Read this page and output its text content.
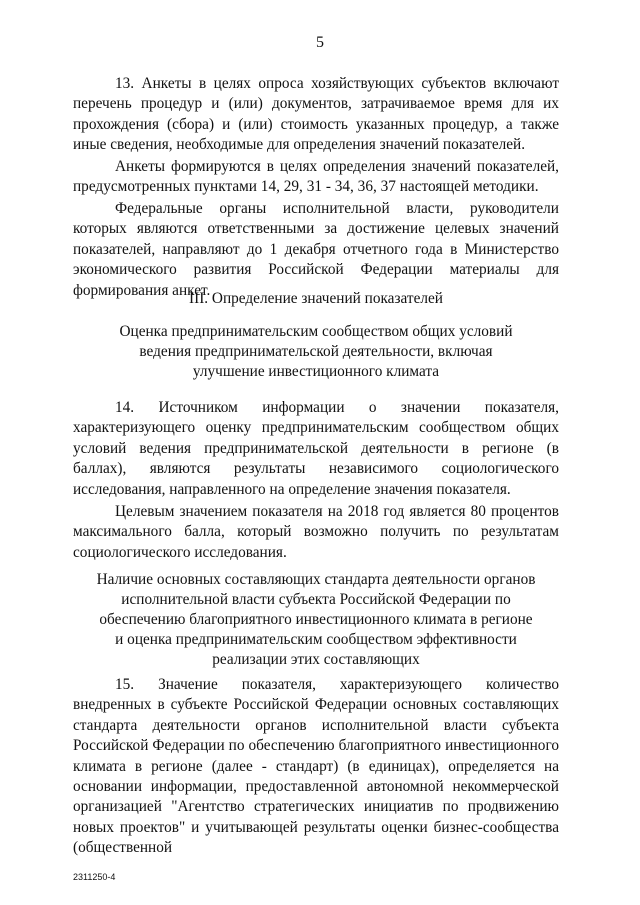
5

13. Анкеты в целях опроса хозяйствующих субъектов включают перечень процедур и (или) документов, затрачиваемое время для их прохождения (сбора) и (или) стоимость указанных процедур, а также иные сведения, необходимые для определения значений показателей.

Анкеты формируются в целях определения значений показателей, предусмотренных пунктами 14, 29, 31 - 34, 36, 37 настоящей методики.

Федеральные органы исполнительной власти, руководители которых являются ответственными за достижение целевых значений показателей, направляют до 1 декабря отчетного года в Министерство экономического развития Российской Федерации материалы для формирования анкет.

III. Определение значений показателей
Оценка предпринимательским сообществом общих условий
ведения предпринимательской деятельности, включая
улучшение инвестиционного климата

14. Источником информации о значении показателя, характеризующего оценку предпринимательским сообществом общих условий ведения предпринимательской деятельности в регионе (в баллах), являются результаты независимого социологического исследования, направленного на определение значения показателя.

Целевым значением показателя на 2018 год является 80 процентов максимального балла, который возможно получить по результатам социологического исследования.

Наличие основных составляющих стандарта деятельности органов
исполнительной власти субъекта Российской Федерации по
обеспечению благоприятного инвестиционного климата в регионе
и оценка предпринимательским сообществом эффективности
реализации этих составляющих

15. Значение показателя, характеризующего количество внедренных в субъекте Российской Федерации основных составляющих стандарта деятельности органов исполнительной власти субъекта Российской Федерации по обеспечению благоприятного инвестиционного климата в регионе (далее - стандарт) (в единицах), определяется на основании информации, предоставленной автономной некоммерческой организацией "Агентство стратегических инициатив по продвижению новых проектов" и учитывающей результаты оценки бизнес-сообщества (общественной

2311250-4
